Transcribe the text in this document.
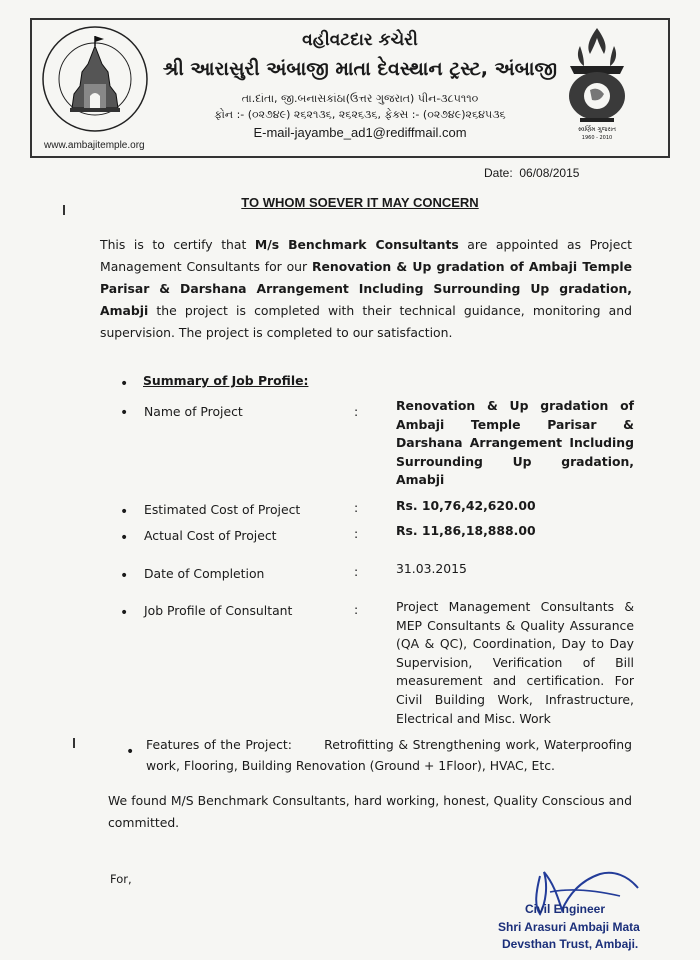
www.ambajitemple.org
વહીવટદાર કચેરી
શ્રી આરાસુરી અંબાજી માતા દેવસ્થાન ટ્રસ્ટ, અંબાજી
તા.દાંતા, જી.બનાસકાંઠા(ઉત્તર ગુજરાત) પીન-૩૮૫૧૧૦
ફોન :- (૦૨૭૪૯) ૨૬૨૧૩૬, ૨૬૨૬૩૬, ફેક્સ :- (૦૨૭૪૯)૨૬૪૫૩૬
E-mail-jayambe_ad1@rediffmail.com	સ્વર્ણિમ ગુજરાત
1960 - 2010
Date: 06/08/2015
TO WHOM SOEVER IT MAY CONCERN
This is to certify that M/s Benchmark Consultants are appointed as Project Management Consultants for our Renovation & Up gradation of Ambaji Temple Parisar & Darshana Arrangement Including Surrounding Up gradation, Amabji the project is completed with their technical guidance, monitoring and supervision. The project is completed to our satisfaction.
• Summary of Job Profile:
• Name of Project	:	Renovation & Up gradation of Ambaji Temple Parisar & Darshana Arrangement Including Surrounding Up gradation, Amabji
• Estimated Cost of Project	:	Rs. 10,76,42,620.00
• Actual Cost of Project	:	Rs. 11,86,18,888.00
• Date of Completion	:	31.03.2015
• Job Profile of Consultant	:	Project Management Consultants & MEP Consultants & Quality Assurance (QA & QC), Coordination, Day to Day Supervision, Verification of Bill measurement and certification. For Civil Building Work, Infrastructure, Electrical and Misc. Work
• Features of the Project:	Retrofitting & Strengthening work, Waterproofing work, Flooring, Building Renovation (Ground + 1Floor), HVAC, Etc.
We found M/S Benchmark Consultants, hard working, honest, Quality Conscious and committed.
For,
Civil Engineer
Shri Arasuri Ambaji Mata
Devsthan Trust, Ambaji.
